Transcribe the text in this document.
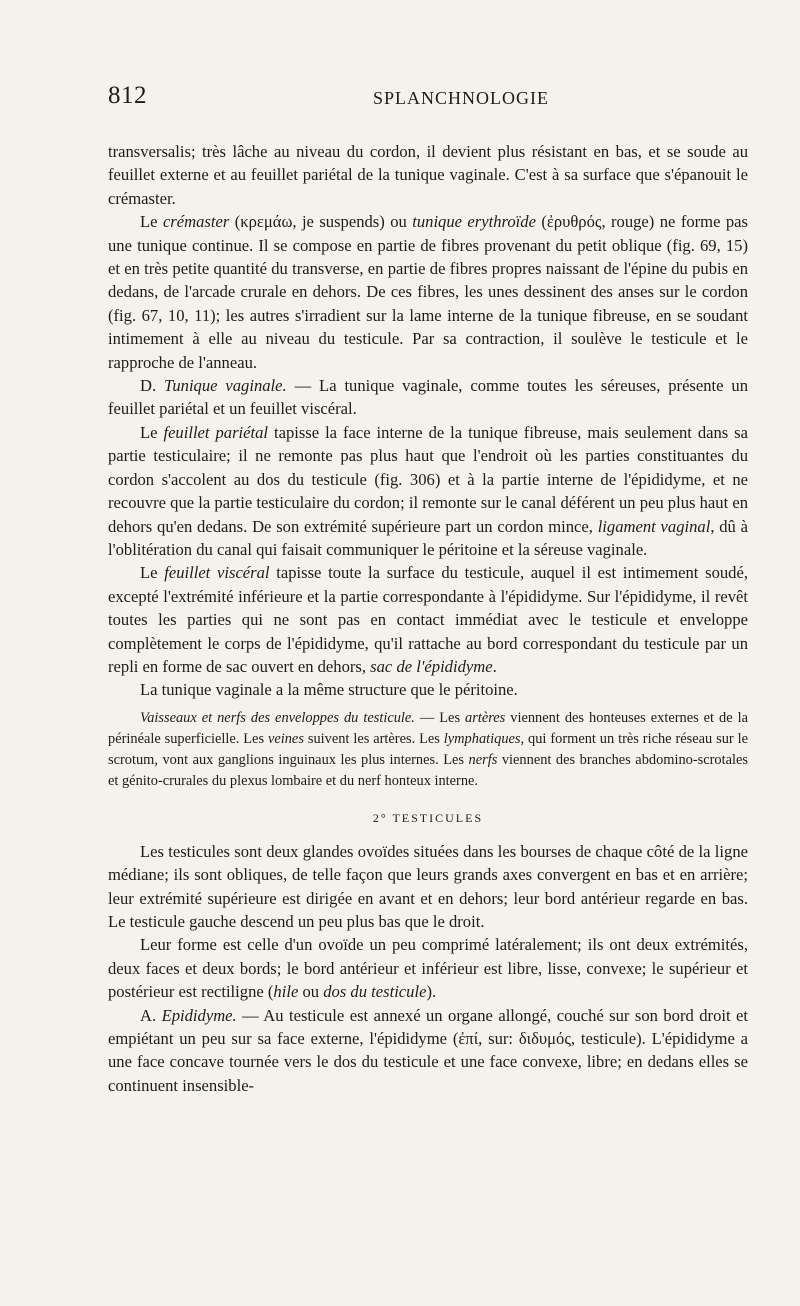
812	SPLANCHNOLOGIE

transversalis; très lâche au niveau du cordon, il devient plus résistant en bas, et se soude au feuillet externe et au feuillet pariétal de la tunique vaginale. C'est à sa surface que s'épanouit le crémaster.

Le crémaster (κρεμάω, je suspends) ou tunique erythroïde (ἐρυθρός, rouge) ne forme pas une tunique continue. Il se compose en partie de fibres provenant du petit oblique (fig. 69, 15) et en très petite quantité du transverse, en partie de fibres propres naissant de l'épine du pubis en dedans, de l'arcade crurale en dehors. De ces fibres, les unes dessinent des anses sur le cordon (fig. 67, 10, 11); les autres s'irradient sur la lame interne de la tunique fibreuse, en se soudant intimement à elle au niveau du testicule. Par sa contraction, il soulève le testicule et le rapproche de l'anneau.

D. Tunique vaginale. — La tunique vaginale, comme toutes les séreuses, présente un feuillet pariétal et un feuillet viscéral.

Le feuillet pariétal tapisse la face interne de la tunique fibreuse, mais seulement dans sa partie testiculaire; il ne remonte pas plus haut que l'endroit où les parties constituantes du cordon s'accolent au dos du testicule (fig. 306) et à la partie interne de l'épididyme, et ne recouvre que la partie testiculaire du cordon; il remonte sur le canal déférent un peu plus haut en dehors qu'en dedans. De son extrémité supérieure part un cordon mince, ligament vaginal, dû à l'oblitération du canal qui faisait communiquer le péritoine et la séreuse vaginale.

Le feuillet viscéral tapisse toute la surface du testicule, auquel il est intimement soudé, excepté l'extrémité inférieure et la partie correspondante à l'épididyme. Sur l'épididyme, il revêt toutes les parties qui ne sont pas en contact immédiat avec le testicule et enveloppe complètement le corps de l'épididyme, qu'il rattache au bord correspondant du testicule par un repli en forme de sac ouvert en dehors, sac de l'épididyme.

La tunique vaginale a la même structure que le péritoine.

Vaisseaux et nerfs des enveloppes du testicule. — Les artères viennent des honteuses externes et de la périnéale superficielle. Les veines suivent les artères. Les lymphatiques, qui forment un très riche réseau sur le scrotum, vont aux ganglions inguinaux les plus internes. Les nerfs viennent des branches abdomino-scrotales et génito-crurales du plexus lombaire et du nerf honteux interne.

2° TESTICULES

Les testicules sont deux glandes ovoïdes situées dans les bourses de chaque côté de la ligne médiane; ils sont obliques, de telle façon que leurs grands axes convergent en bas et en arrière; leur extrémité supérieure est dirigée en avant et en dehors; leur bord antérieur regarde en bas. Le testicule gauche descend un peu plus bas que le droit.

Leur forme est celle d'un ovoïde un peu comprimé latéralement; ils ont deux extrémités, deux faces et deux bords; le bord antérieur et inférieur est libre, lisse, convexe; le supérieur et postérieur est rectiligne (hile ou dos du testicule).

A. Epididyme. — Au testicule est annexé un organe allongé, couché sur son bord droit et empiétant un peu sur sa face externe, l'épididyme (ἐπί, sur: διδυμός, testicule). L'épididyme a une face concave tournée vers le dos du testicule et une face convexe, libre; en dedans elles se continuent insensible-
